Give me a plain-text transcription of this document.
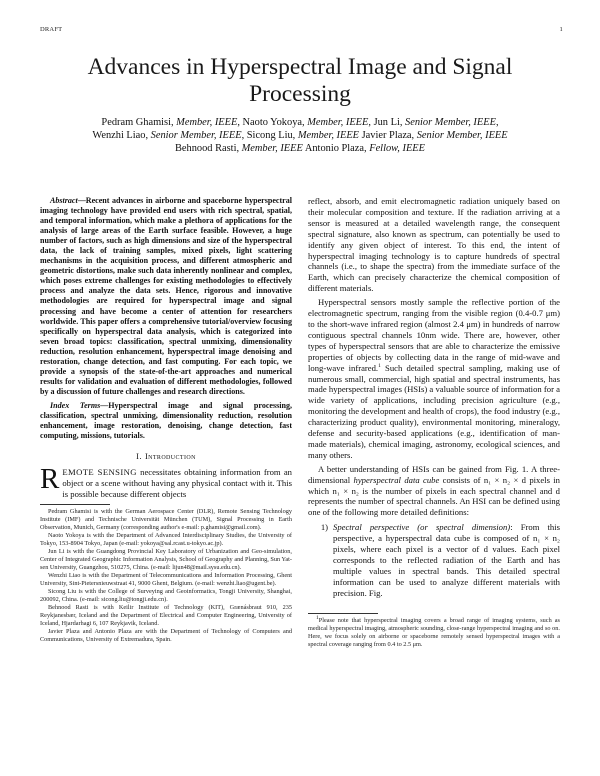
DRAFT	1
Advances in Hyperspectral Image and Signal Processing
Pedram Ghamisi, Member, IEEE, Naoto Yokoya, Member, IEEE, Jun Li, Senior Member, IEEE,
Wenzhi Liao, Senior Member, IEEE, Sicong Liu, Member, IEEE Javier Plaza, Senior Member, IEEE
Behnood Rasti, Member, IEEE Antonio Plaza, Fellow, IEEE

Abstract—Recent advances in airborne and spaceborne hyperspectral imaging technology have provided end users with rich spectral, spatial, and temporal information, which make a plethora of applications for the analysis of large areas of the Earth surface feasible. However, a huge number of factors, such as high dimensions and size of the hyperspectral data, the lack of training samples, mixed pixels, light scattering mechanisms in the acquisition process, and different atmospheric and geometric distortions, make such data inherently nonlinear and complex, which poses extreme challenges for existing methodologies to effectively process and analyze the data sets. Hence, rigorous and innovative methodologies are required for hyperspectral image and signal processing and have become a center of attention for researchers worldwide. This paper offers a comprehensive tutorial/overview focusing specifically on hyperspectral data analysis, which is categorized into seven broad topics: classification, spectral unmixing, dimensionality reduction, resolution enhancement, hyperspectral image denoising and restoration, change detection, and fast computing. For each topic, we provide a synopsis of the state-of-the-art approaches and numerical results for validation and evaluation of different methodologies, followed by a discussion of future challenges and research directions.

Index Terms—Hyperspectral image and signal processing, classification, spectral unmixing, dimensionality reduction, resolution enhancement, image restoration, denoising, change detection, fast computing, missions, tutorials.

I. Introduction

REMOTE SENSING necessitates obtaining information from an object or a scene without having any physical contact with it. This is possible because different objects

Pedram Ghamisi is with the German Aerospace Center (DLR), Remote Sensing Technology Institute (IMF) and Technische Universität München (TUM), Signal Processing in Earth Observation, Munich, Germany (corresponding author's e-mail: p.ghamisi@gmail.com).

Naoto Yokoya is with the Department of Advanced Interdisciplinary Studies, the University of Tokyo, 153-8904 Tokyo, Japan (e-mail: yokoya@sal.rcast.u-tokyo.ac.jp).

Jun Li is with the Guangdong Provincial Key Laboratory of Urbanization and Geo-simulation, Center of Integrated Geographic Information Analysis, School of Geography and Planning, Sun Yat-sen University, Guangzhou, 510275, China. (e-mail: lijun48@mail.sysu.edu.cn).

Wenzhi Liao is with the Department of Telecommunications and Information Processing, Ghent University, Sint-Pietersnieuwstraat 41, 9000 Ghent, Belgium. (e-mail: wenzhi.liao@ugent.be).

Sicong Liu is with the College of Surveying and Geoinformatics, Tongji University, Shanghai, 200092, China. (e-mail: sicong.liu@tongji.edu.cn).

Behnood Rasti is with Keilir Institute of Technology (KIT), Grænásbraut 910, 235 Reykjanesbær, Iceland and the Department of Electrical and Computer Engineering, University of Iceland, Hjardarhagi 6, 107 Reykjavik, Iceland.

Javier Plaza and Antonio Plaza are with the Department of Technology of Computers and Communications, University of Extremadura, Spain.

reflect, absorb, and emit electromagnetic radiation uniquely based on their molecular composition and texture. If the radiation arriving at a sensor is measured at a detailed wavelength range, the consequent spectral signature, also known as spectrum, can potentially be used to identify any given object of interest. To this end, the intent of hyperspectral imaging technology is to capture hundreds of spectral channels (i.e., to shape the spectra) from the immediate surface of the Earth, which can precisely characterize the chemical composition of different materials.

Hyperspectral sensors mostly sample the reflective portion of the electromagnetic spectrum, ranging from the visible region (0.4-0.7 μm) to the short-wave infrared region (almost 2.4 μm) in hundreds of narrow contiguous spectral channels 10nm wide. There are, however, other types of hyperspectral sensors that are able to characterize the emissive properties of objects by collecting data in the range of mid-wave and long-wave infrared.$^1$ Such detailed spectral sampling, making use of numerous small, commercial, high spatial and spectral instruments, has made hyperspectral images (HSIs) a valuable source of information for a wide variety of applications, including precision agriculture (e.g., monitoring the development and health of crops), the food industry (e.g., characterizing product quality), environmental monitoring, mineralogy, defense and security-based applications (e.g., identification of man-made materials), chemical imaging, astronomy, ecological sciences, and many others.

A better understanding of HSIs can be gained from Fig. 1. A three-dimensional hyperspectral data cube consists of n₁ × n₂ × d pixels in which n₁ × n₂ is the number of pixels in each spectral channel and d represents the number of spectral channels. An HSI can be defined using one of the following more detailed definitions:

1) Spectral perspective (or spectral dimension): From this perspective, a hyperspectral data cube is composed of n₁ × n₂ pixels, where each pixel is a vector of d values. Each pixel corresponds to the reflected radiation of the Earth and has multiple values in spectral bands. This detailed spectral information can be used to analyze different materials with precision. Fig.

$^1$Please note that hyperspectral imaging covers a broad range of imaging systems, such as medical hyperspectral imaging, atmospheric sounding, close-range hyperspectral imaging and so on. Here, we focus solely on airborne or spaceborne remotely sensed hyperspectral images with a spectral coverage ranging from 0.4 to 2.5 μm.
